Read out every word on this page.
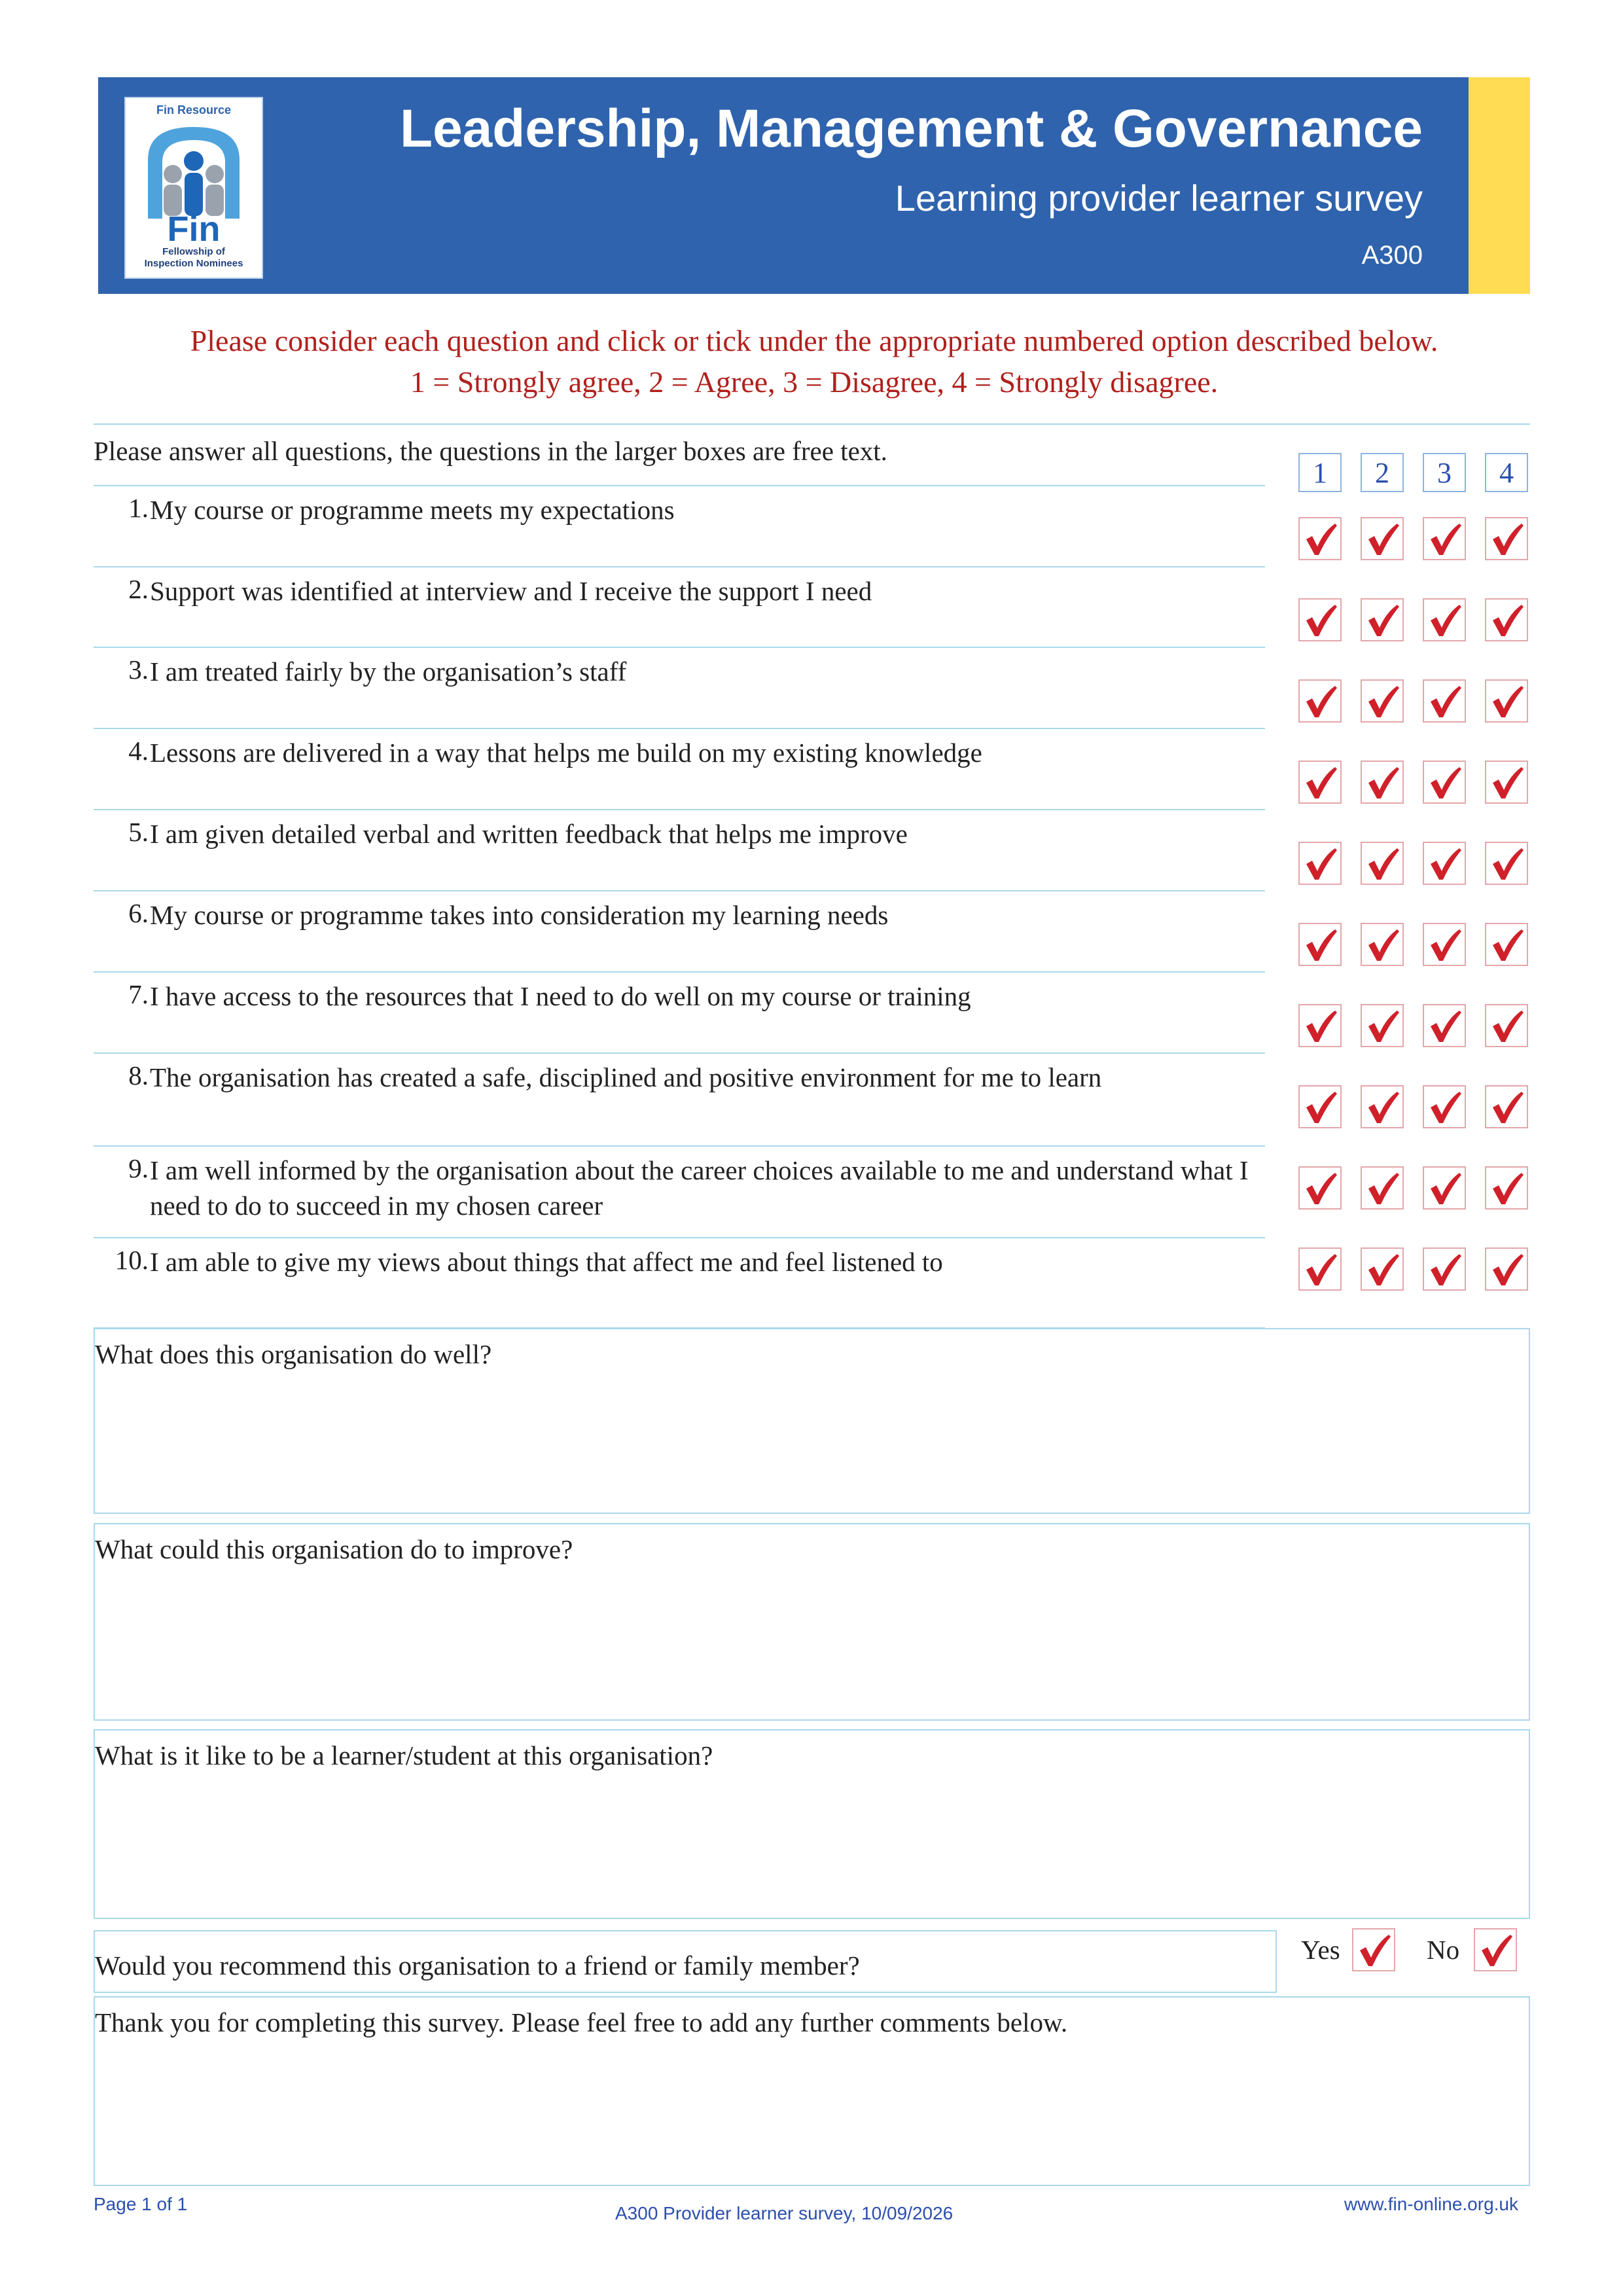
Fin Resource
Fin
Fellowship of
Inspection Nominees
Leadership, Management & Governance
Learning provider learner survey
A300
Please consider each question and click or tick under the appropriate numbered option described below.
1 = Strongly agree, 2 = Agree, 3 = Disagree, 4 = Strongly disagree.
Please answer all questions, the questions in the larger boxes are free text.
1	2	3	4
1. My course or programme meets my expectations
2. Support was identified at interview and I receive the support I need
3. I am treated fairly by the organisation’s staff
4. Lessons are delivered in a way that helps me build on my existing knowledge
5. I am given detailed verbal and written feedback that helps me improve
6. My course or programme takes into consideration my learning needs
7. I have access to the resources that I need to do well on my course or training
8. The organisation has created a safe, disciplined and positive environment for me to learn
9. I am well informed by the organisation about the career choices available to me and understand what I need to do to succeed in my chosen career
10. I am able to give my views about things that affect me and feel listened to
What does this organisation do well?
What could this organisation do to improve?
What is it like to be a learner/student at this organisation?
Would you recommend this organisation to a friend or family member?
Yes	No
Thank you for completing this survey. Please feel free to add any further comments below.
Page 1 of 1	A300 Provider learner survey, 10/09/2026	www.fin-online.org.uk
